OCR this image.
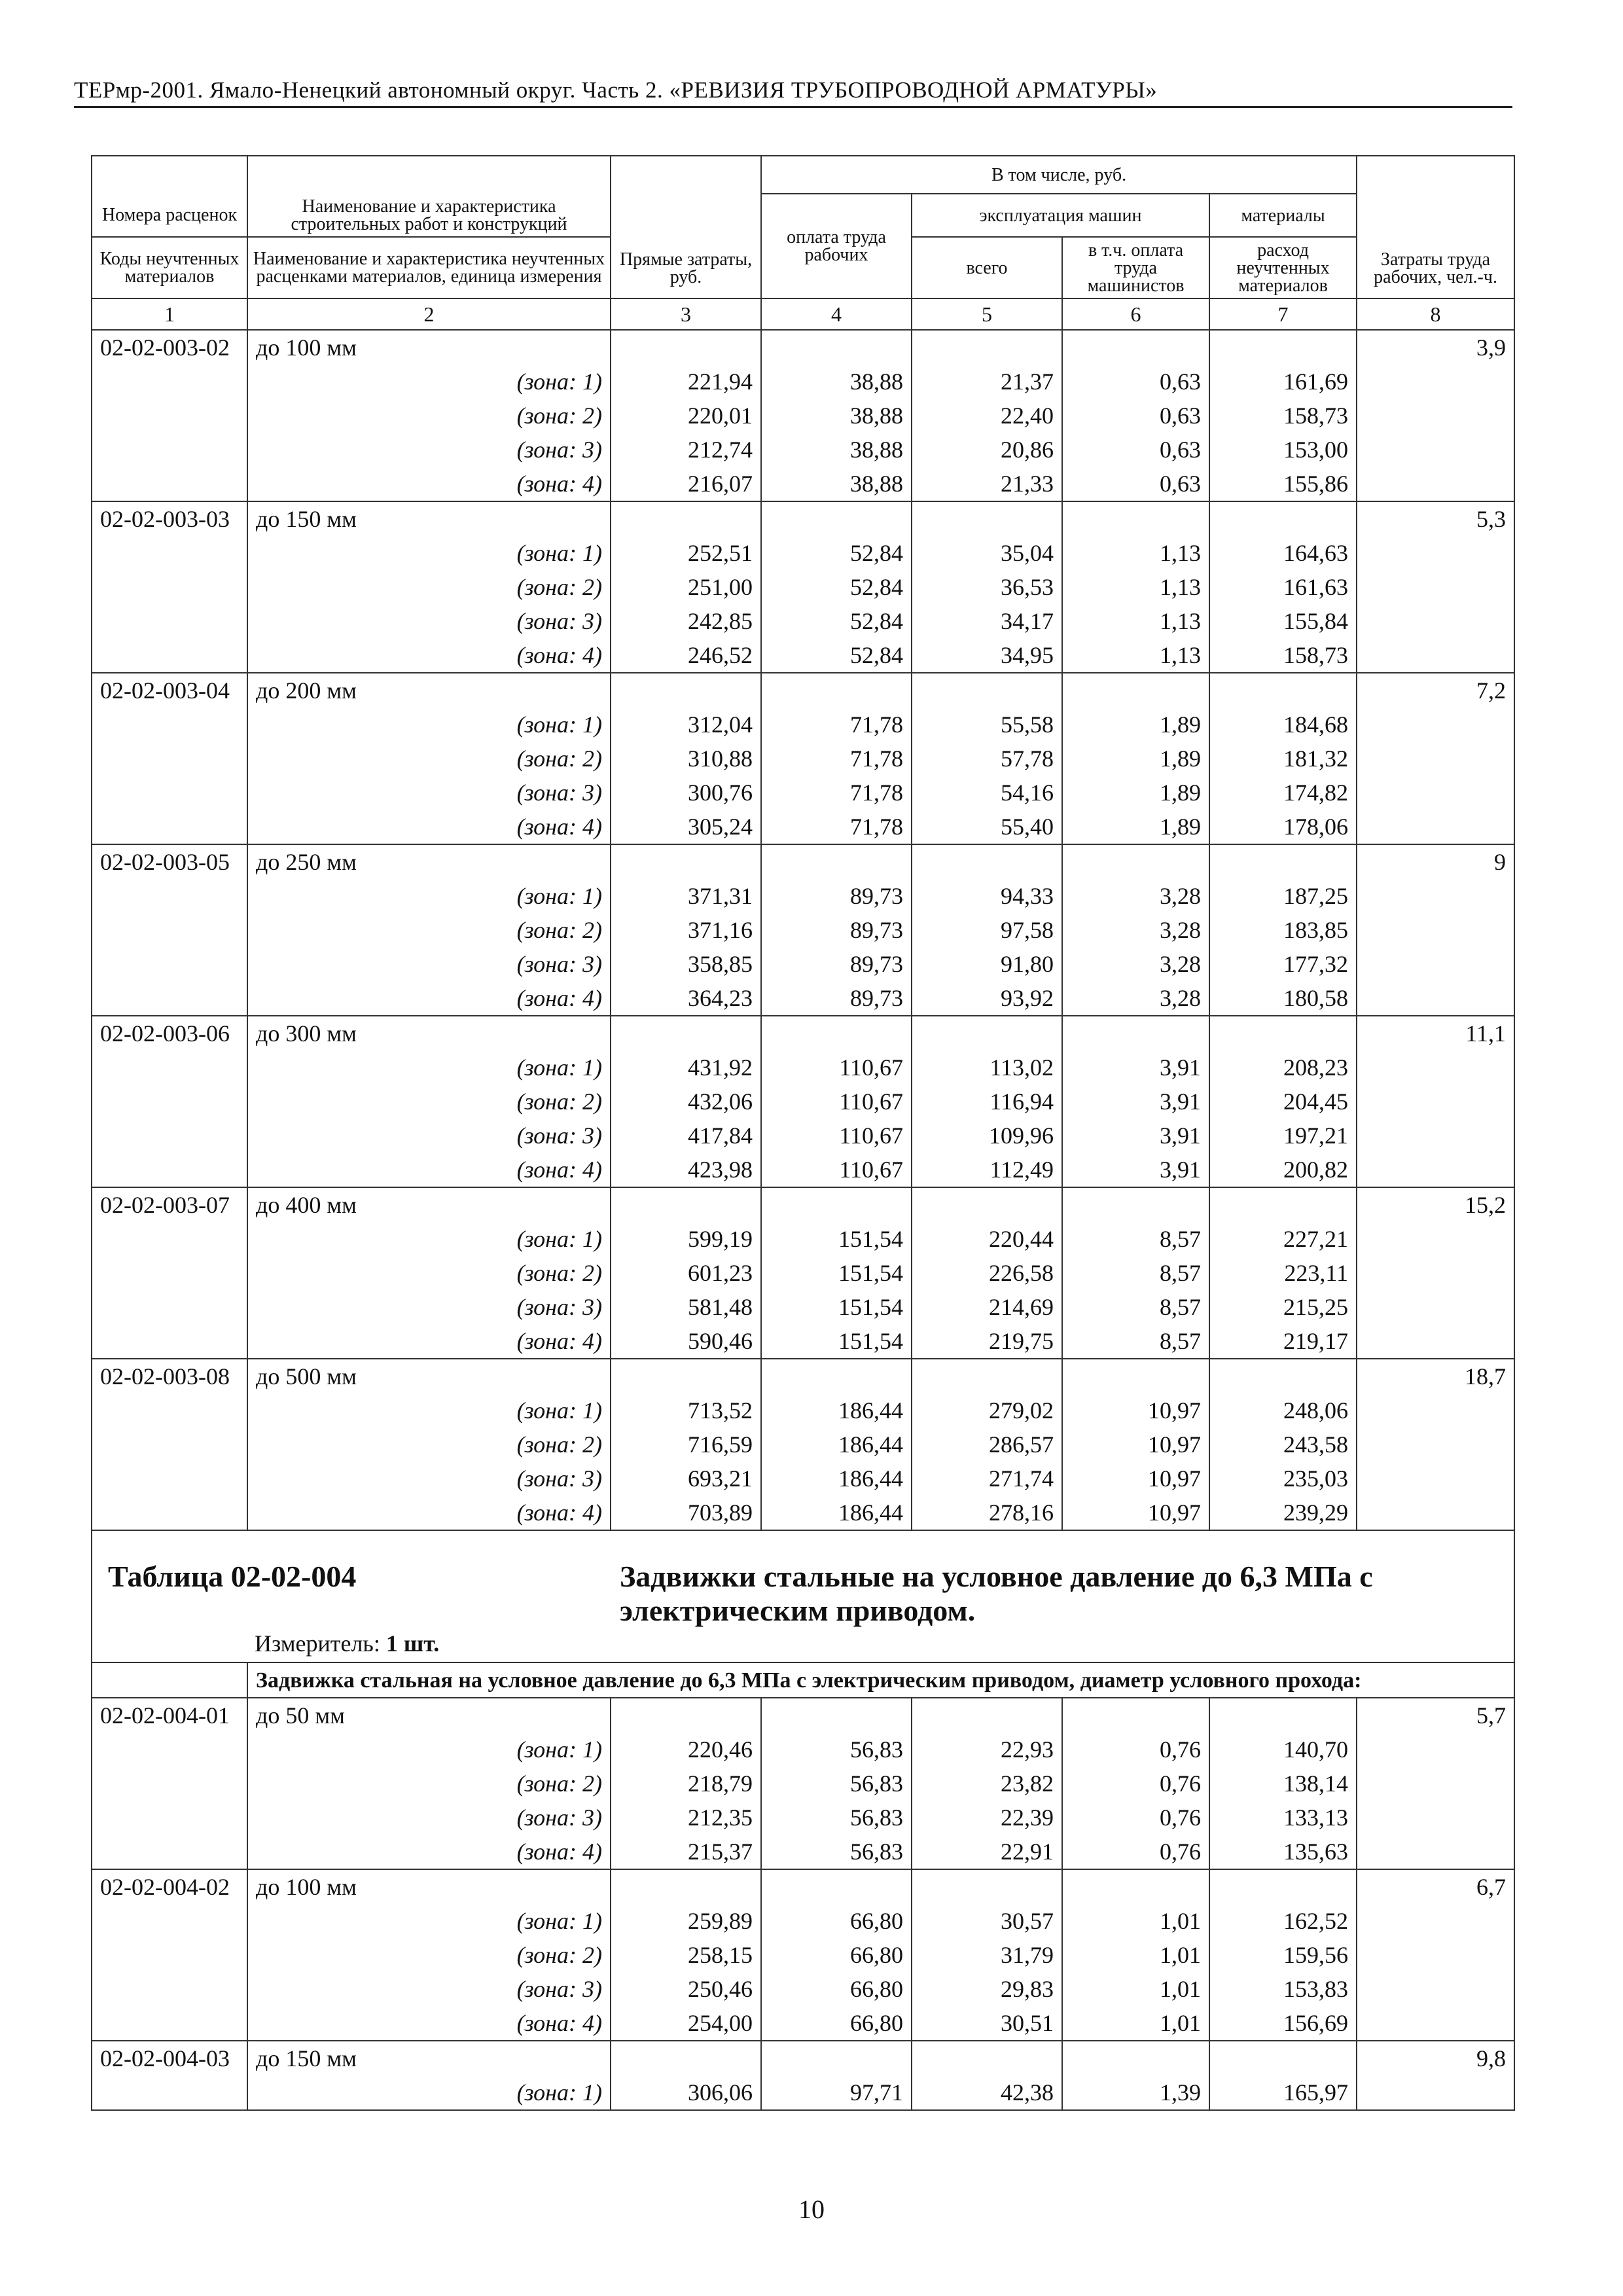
ТЕРмр-2001. Ямало-Ненецкий автономный округ. Часть 2. «РЕВИЗИЯ ТРУБОПРОВОДНОЙ АРМАТУРЫ»
		Прямые затраты, руб.	В том числе, руб.				Затраты труда рабочих, чел.-ч.
Номера расценок	Наименование и характеристика строительных работ и конструкций		оплата труда рабочих	эксплуатация машин		материалы	
Коды неучтенных материалов	Наименование и характеристика неучтенных расценками материалов, единица измерения			всего	в т.ч. оплата труда машинистов	расход неучтенных материалов	
1	2	3	4	5	6	7	8
02-02-003-02	до 100 мм						3,9
	(зона: 1)	221,94	38,88	21,37	0,63	161,69	
	(зона: 2)	220,01	38,88	22,40	0,63	158,73	
	(зона: 3)	212,74	38,88	20,86	0,63	153,00	
	(зона: 4)	216,07	38,88	21,33	0,63	155,86	
02-02-003-03	до 150 мм						5,3
	(зона: 1)	252,51	52,84	35,04	1,13	164,63	
	(зона: 2)	251,00	52,84	36,53	1,13	161,63	
	(зона: 3)	242,85	52,84	34,17	1,13	155,84	
	(зона: 4)	246,52	52,84	34,95	1,13	158,73	
02-02-003-04	до 200 мм						7,2
	(зона: 1)	312,04	71,78	55,58	1,89	184,68	
	(зона: 2)	310,88	71,78	57,78	1,89	181,32	
	(зона: 3)	300,76	71,78	54,16	1,89	174,82	
	(зона: 4)	305,24	71,78	55,40	1,89	178,06	
02-02-003-05	до 250 мм						9
	(зона: 1)	371,31	89,73	94,33	3,28	187,25	
	(зона: 2)	371,16	89,73	97,58	3,28	183,85	
	(зона: 3)	358,85	89,73	91,80	3,28	177,32	
	(зона: 4)	364,23	89,73	93,92	3,28	180,58	
02-02-003-06	до 300 мм						11,1
	(зона: 1)	431,92	110,67	113,02	3,91	208,23	
	(зона: 2)	432,06	110,67	116,94	3,91	204,45	
	(зона: 3)	417,84	110,67	109,96	3,91	197,21	
	(зона: 4)	423,98	110,67	112,49	3,91	200,82	
02-02-003-07	до 400 мм						15,2
	(зона: 1)	599,19	151,54	220,44	8,57	227,21	
	(зона: 2)	601,23	151,54	226,58	8,57	223,11	
	(зона: 3)	581,48	151,54	214,69	8,57	215,25	
	(зона: 4)	590,46	151,54	219,75	8,57	219,17	
02-02-003-08	до 500 мм						18,7
	(зона: 1)	713,52	186,44	279,02	10,97	248,06	
	(зона: 2)	716,59	186,44	286,57	10,97	243,58	
	(зона: 3)	693,21	186,44	271,74	10,97	235,03	
	(зона: 4)	703,89	186,44	278,16	10,97	239,29	

Таблица 02-02-004 Задвижки стальные на условное давление до 6,3 МПа с электрическим приводом.
Измеритель: 1 шт.							

	Задвижка стальная на условное давление до 6,3 МПа с электрическим приводом, диаметр условного прохода:						
02-02-004-01	до 50 мм						5,7
	(зона: 1)	220,46	56,83	22,93	0,76	140,70	
	(зона: 2)	218,79	56,83	23,82	0,76	138,14	
	(зона: 3)	212,35	56,83	22,39	0,76	133,13	
	(зона: 4)	215,37	56,83	22,91	0,76	135,63	
02-02-004-02	до 100 мм						6,7
	(зона: 1)	259,89	66,80	30,57	1,01	162,52	
	(зона: 2)	258,15	66,80	31,79	1,01	159,56	
	(зона: 3)	250,46	66,80	29,83	1,01	153,83	
	(зона: 4)	254,00	66,80	30,51	1,01	156,69	
02-02-004-03	до 150 мм						9,8
	(зона: 1)	306,06	97,71	42,38	1,39	165,97	
10
